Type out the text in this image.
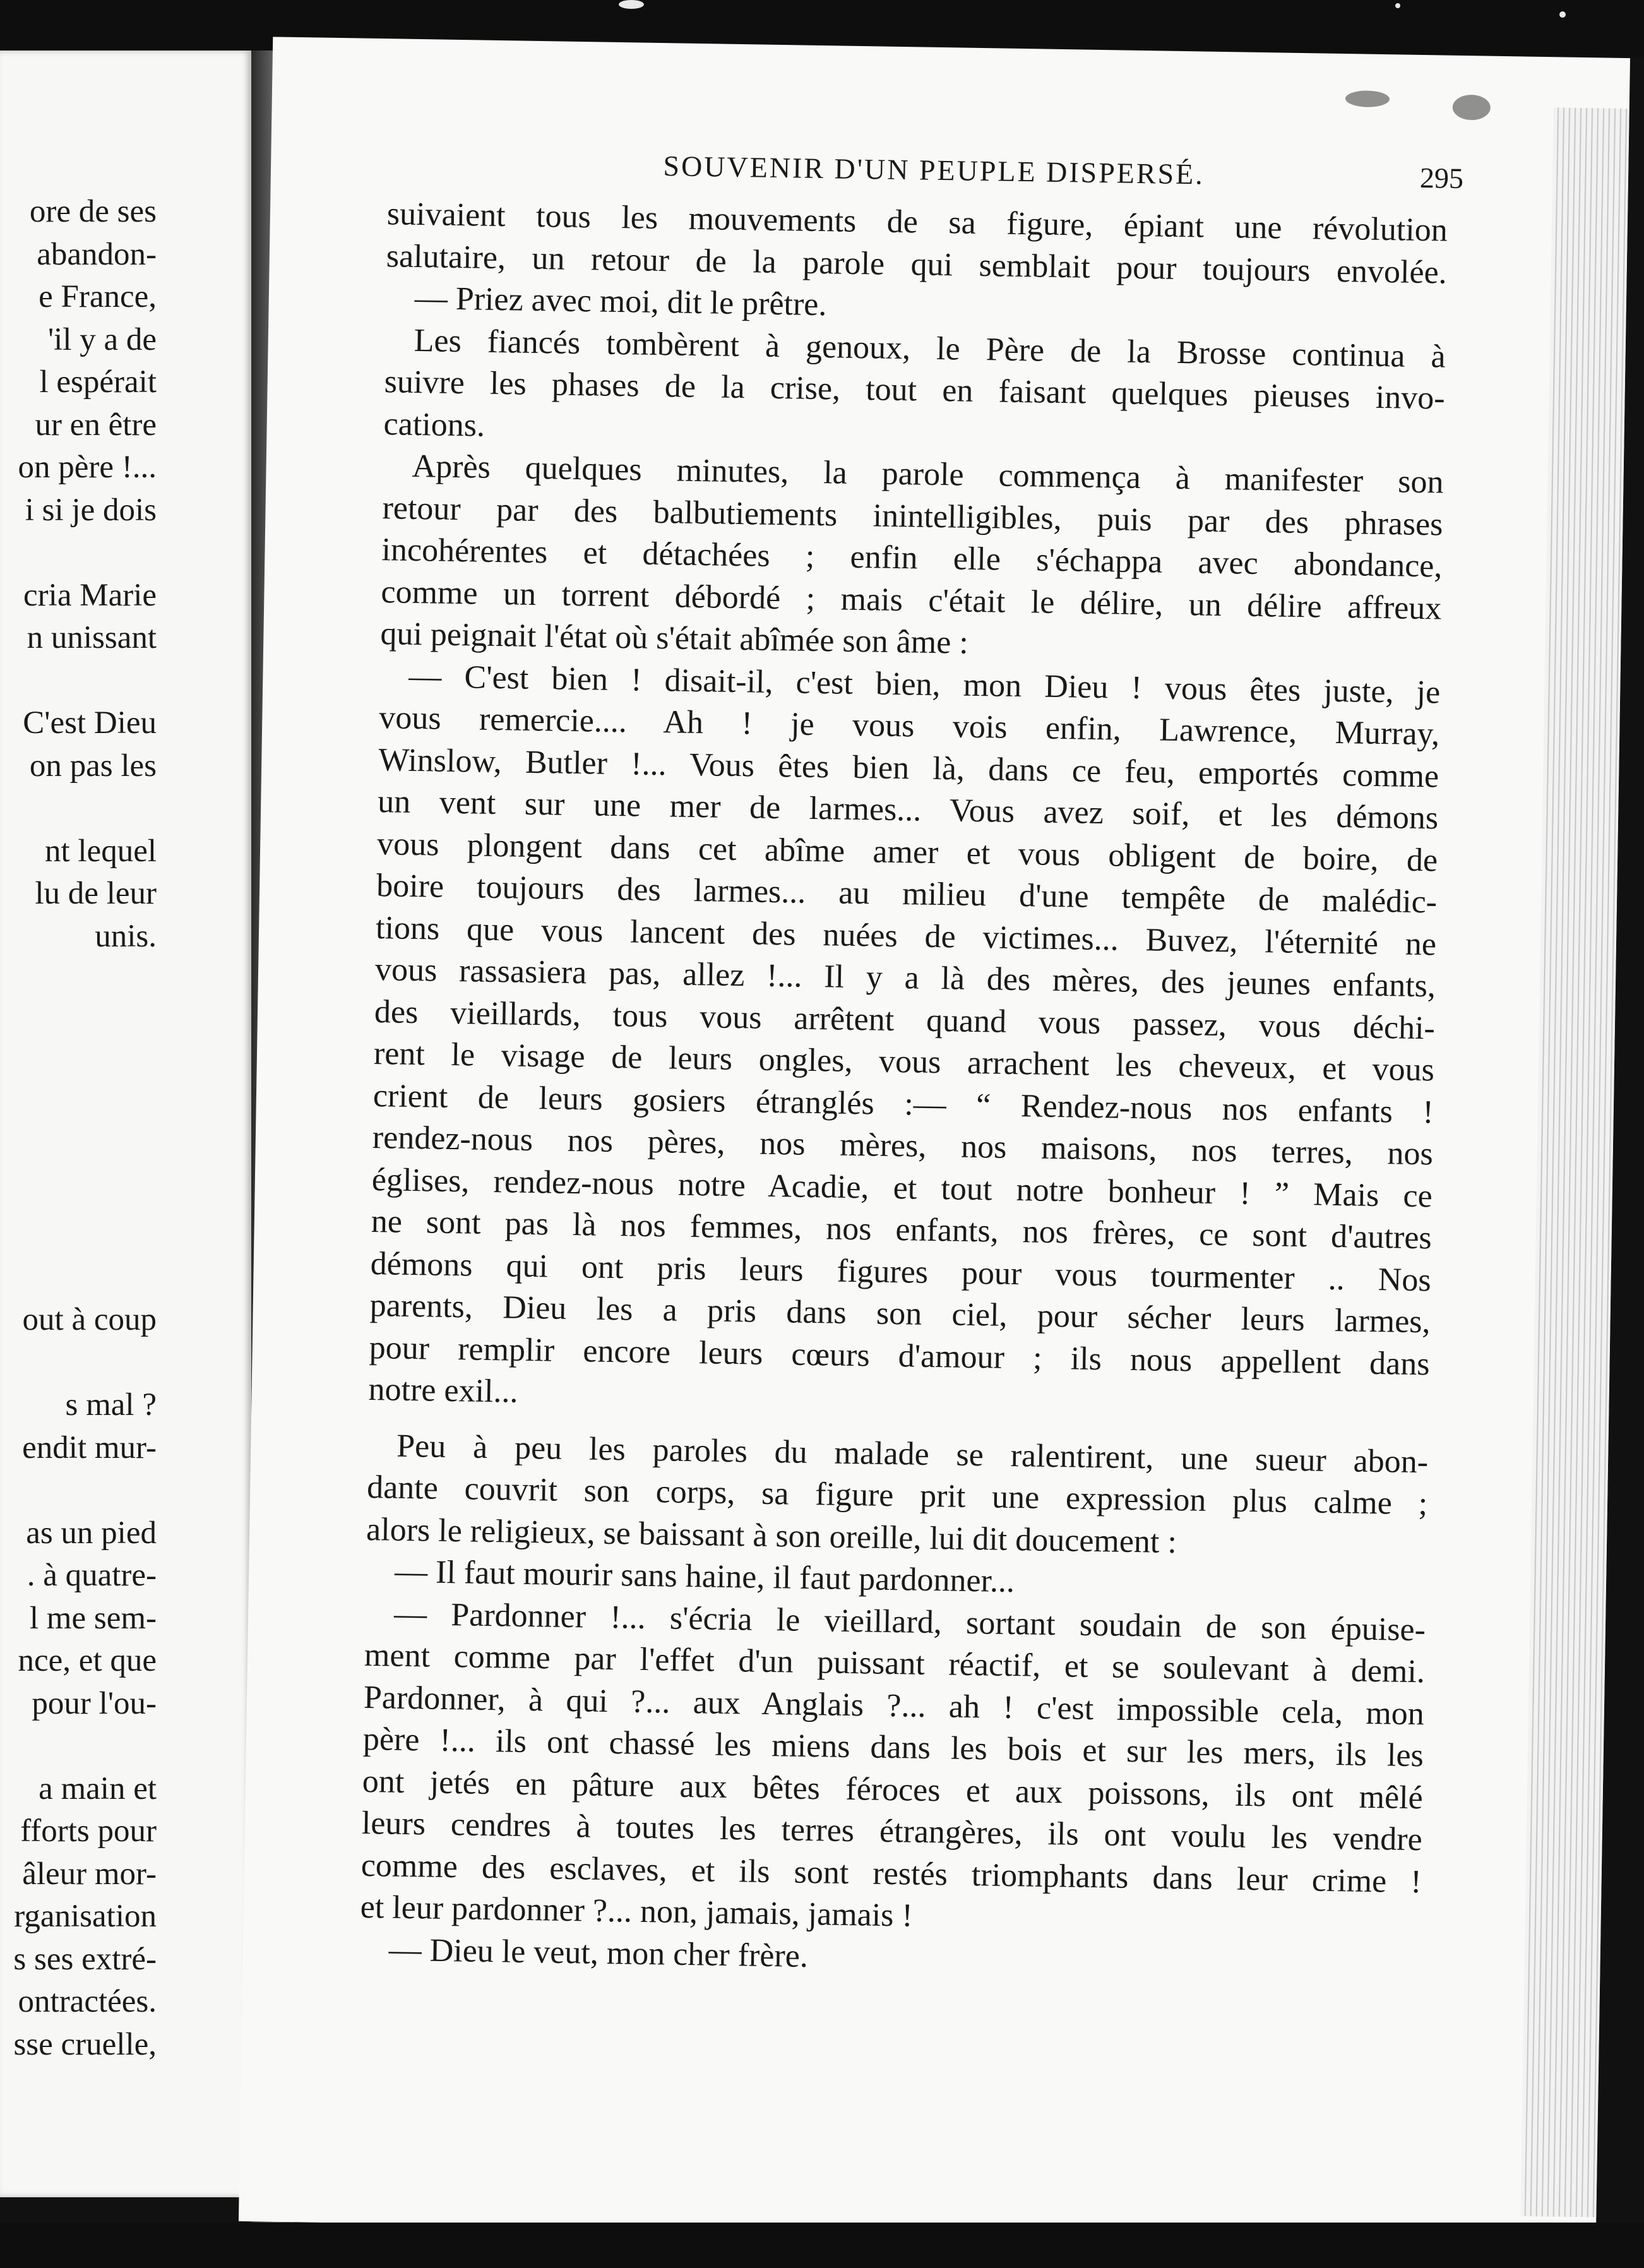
ore de ses
abandon-
e France,
'il y a de
l espérait
ur en être
on père !...
i si je dois
cria Marie
n unissant
C'est Dieu
on pas les
nt lequel
lu de leur
unis.
out à coup
s mal ?
endit mur-
as un pied
. à quatre-
l me sem-
nce, et que
pour l'ou-
a main et
fforts pour
âleur mor-
rganisation
s ses extré-
ontractées.
sse cruelle,
SOUVENIR D'UN PEUPLE DISPERSÉ.	295
suivaient tous les mouvements de sa figure, épiant une révolution
salutaire, un retour de la parole qui semblait pour toujours envolée.
— Priez avec moi, dit le prêtre.
Les fiancés tombèrent à genoux, le Père de la Brosse continua à
suivre les phases de la crise, tout en faisant quelques pieuses invo-
cations.
Après quelques minutes, la parole commença à manifester son
retour par des balbutiements inintelligibles, puis par des phrases
incohérentes et détachées ; enfin elle s'échappa avec abondance,
comme un torrent débordé ; mais c'était le délire, un délire affreux
qui peignait l'état où s'était abîmée son âme :
— C'est bien ! disait-il, c'est bien, mon Dieu ! vous êtes juste, je
vous remercie.... Ah ! je vous vois enfin, Lawrence, Murray,
Winslow, Butler !... Vous êtes bien là, dans ce feu, emportés comme
un vent sur une mer de larmes... Vous avez soif, et les démons
vous plongent dans cet abîme amer et vous obligent de boire, de
boire toujours des larmes... au milieu d'une tempête de malédic-
tions que vous lancent des nuées de victimes... Buvez, l'éternité ne
vous rassasiera pas, allez !... Il y a là des mères, des jeunes enfants,
des vieillards, tous vous arrêtent quand vous passez, vous déchi-
rent le visage de leurs ongles, vous arrachent les cheveux, et vous
crient de leurs gosiers étranglés :— “ Rendez-nous nos enfants !
rendez-nous nos pères, nos mères, nos maisons, nos terres, nos
églises, rendez-nous notre Acadie, et tout notre bonheur ! ” Mais ce
ne sont pas là nos femmes, nos enfants, nos frères, ce sont d'autres
démons qui ont pris leurs figures pour vous tourmenter .. Nos
parents, Dieu les a pris dans son ciel, pour sécher leurs larmes,
pour remplir encore leurs cœurs d'amour ; ils nous appellent dans
notre exil...
Peu à peu les paroles du malade se ralentirent, une sueur abon-
dante couvrit son corps, sa figure prit une expression plus calme ;
alors le religieux, se baissant à son oreille, lui dit doucement :
— Il faut mourir sans haine, il faut pardonner...
— Pardonner !... s'écria le vieillard, sortant soudain de son épuise-
ment comme par l'effet d'un puissant réactif, et se soulevant à demi.
Pardonner, à qui ?... aux Anglais ?... ah ! c'est impossible cela, mon
père !... ils ont chassé les miens dans les bois et sur les mers, ils les
ont jetés en pâture aux bêtes féroces et aux poissons, ils ont mêlé
leurs cendres à toutes les terres étrangères, ils ont voulu les vendre
comme des esclaves, et ils sont restés triomphants dans leur crime !
et leur pardonner ?... non, jamais, jamais !
— Dieu le veut, mon cher frère.
